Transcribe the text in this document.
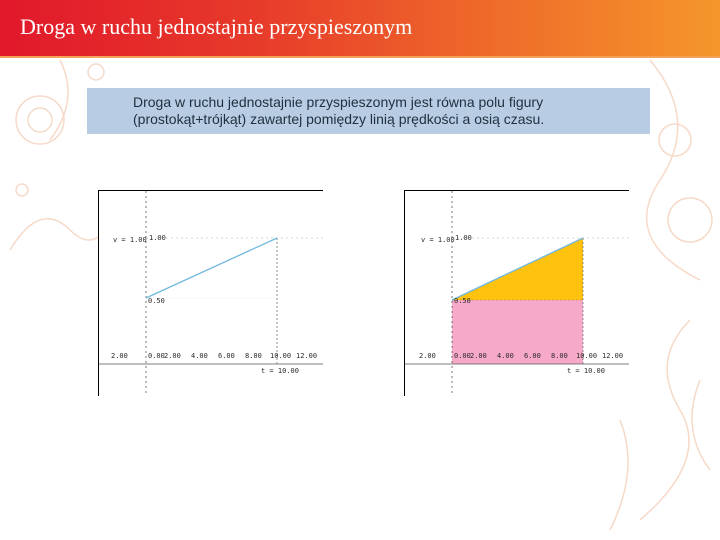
Droga w ruchu jednostajnie przyspieszonym
Droga w ruchu jednostajnie przyspieszonym jest równa polu figury (prostokąt+trójkąt) zawartej pomiędzy linią prędkości a osią czasu.
v = 1.00 1.00
0.50
2.00	0.00 2.00 4.00 6.00 8.00 10.00 12.00
t = 10.00
v = 1.00 1.00
0.50
2.00	0.00 2.00 4.00 6.00 8.00 10.00 12.00
t = 10.00
